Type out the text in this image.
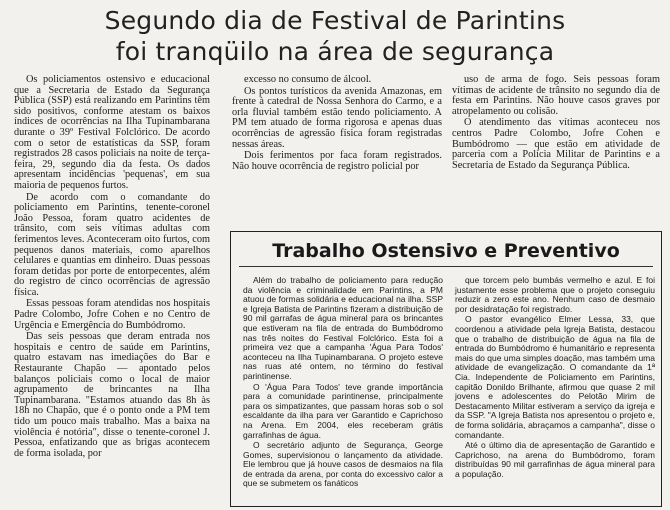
Segundo dia de Festival de Parintins
foi tranqüilo na área de segurança

Os policiamentos ostensivo e educacional que a Secretaria de Estado da Segurança Pública (SSP) está realizando em Parintins têm sido positivos, conforme atestam os baixos índices de ocorrências na Ilha Tupinambarana durante o 39º Festival Folclórico. De acordo com o setor de estatísticas da SSP, foram registrados 28 casos policiais na noite de terça-feira, 29, segundo dia da festa. Os dados apresentam incidências 'pequenas', em sua maioria de pequenos furtos.

De acordo com o comandante do policiamento em Parintins, tenente-coronel João Pessoa, foram quatro acidentes de trânsito, com seis vítimas adultas com ferimentos leves. Aconteceram oito furtos, com pequenos danos materiais, como aparelhos celulares e quantias em dinheiro. Duas pessoas foram detidas por porte de entorpecentes, além do registro de cinco ocorrências de agressão física.

Essas pessoas foram atendidas nos hospitais Padre Colombo, Jofre Cohen e no Centro de Urgência e Emergência do Bumbódromo.

Das seis pessoas que deram entrada nos hospitais e centro de saúde em Parintins, quatro estavam nas imediações do Bar e Restaurante Chapão — apontado pelos balanços policiais como o local de maior agrupamento de brincantes na Ilha Tupinambarana. "Estamos atuando das 8h às 18h no Chapão, que é o ponto onde a PM tem tido um pouco mais trabalho. Mas a baixa na violência é notória", disse o tenente-coronel J. Pessoa, enfatizando que as brigas acontecem de forma isolada, por

excesso no consumo de álcool.

Os pontos turísticos da avenida Amazonas, em frente à catedral de Nossa Senhora do Carmo, e a orla fluvial também estão tendo policiamento. A PM tem atuado de forma rigorosa e apenas duas ocorrências de agressão física foram registradas nessas áreas.

Dois ferimentos por faca foram registrados. Não houve ocorrência de registro policial por

uso de arma de fogo. Seis pessoas foram vítimas de acidente de trânsito no segundo dia de festa em Parintins. Não houve casos graves por atropelamento ou colisão.

O atendimento das vítimas aconteceu nos centros Padre Colombo, Jofre Cohen e Bumbódromo — que estão em atividade de parceria com a Polícia Militar de Parintins e a Secretaria de Estado da Segurança Pública.

Trabalho Ostensivo e Preventivo

Além do trabalho de policiamento para redução da violência e criminalidade em Parintins, a PM atuou de formas solidária e educacional na ilha. SSP e Igreja Batista de Parintins fizeram a distribuição de 90 mil garrafas de água mineral para os brincantes que estiveram na fila de entrada do Bumbódromo nas três noites do Festival Folclórico. Esta foi a primeira vez que a campanha 'Água Para Todos' aconteceu na Ilha Tupinambarana. O projeto esteve nas ruas até ontem, no término do festival parintinense.

O 'Água Para Todos' teve grande importância para a comunidade parintinense, principalmente para os simpatizantes, que passam horas sob o sol escaldante da ilha para ver Garantido e Caprichoso na Arena. Em 2004, eles receberam grátis garrafinhas de água.

O secretário adjunto de Segurança, George Gomes, supervisionou o lançamento da atividade. Ele lembrou que já houve casos de desmaios na fila de entrada da arena, por conta do excessivo calor a que se submetem os fanáticos

que torcem pelo bumbás vermelho e azul. E foi justamente esse problema que o projeto conseguiu reduzir a zero este ano. Nenhum caso de desmaio por desidratação foi registrado.

O pastor evangélico Elmer Lessa, 33, que coordenou a atividade pela Igreja Batista, destacou que o trabalho de distribuição de água na fila de entrada do Bumbódromo é humanitário e representa mais do que uma simples doação, mas também uma atividade de evangelização. O comandante da 1ª Cia. Independente de Policiamento em Parintins, capitão Donildo Brilhante, afirmou que quase 2 mil jovens e adolescentes do Pelotão Mirim de Destacamento Militar estiveram a serviço da igreja e da SSP. "A Igreja Batista nos apresentou o projeto e, de forma solidária, abraçamos a campanha", disse o comandante.

Até o último dia de apresentação de Garantido e Caprichoso, na arena do Bumbódromo, foram distribuídas 90 mil garrafinhas de água mineral para a população.
